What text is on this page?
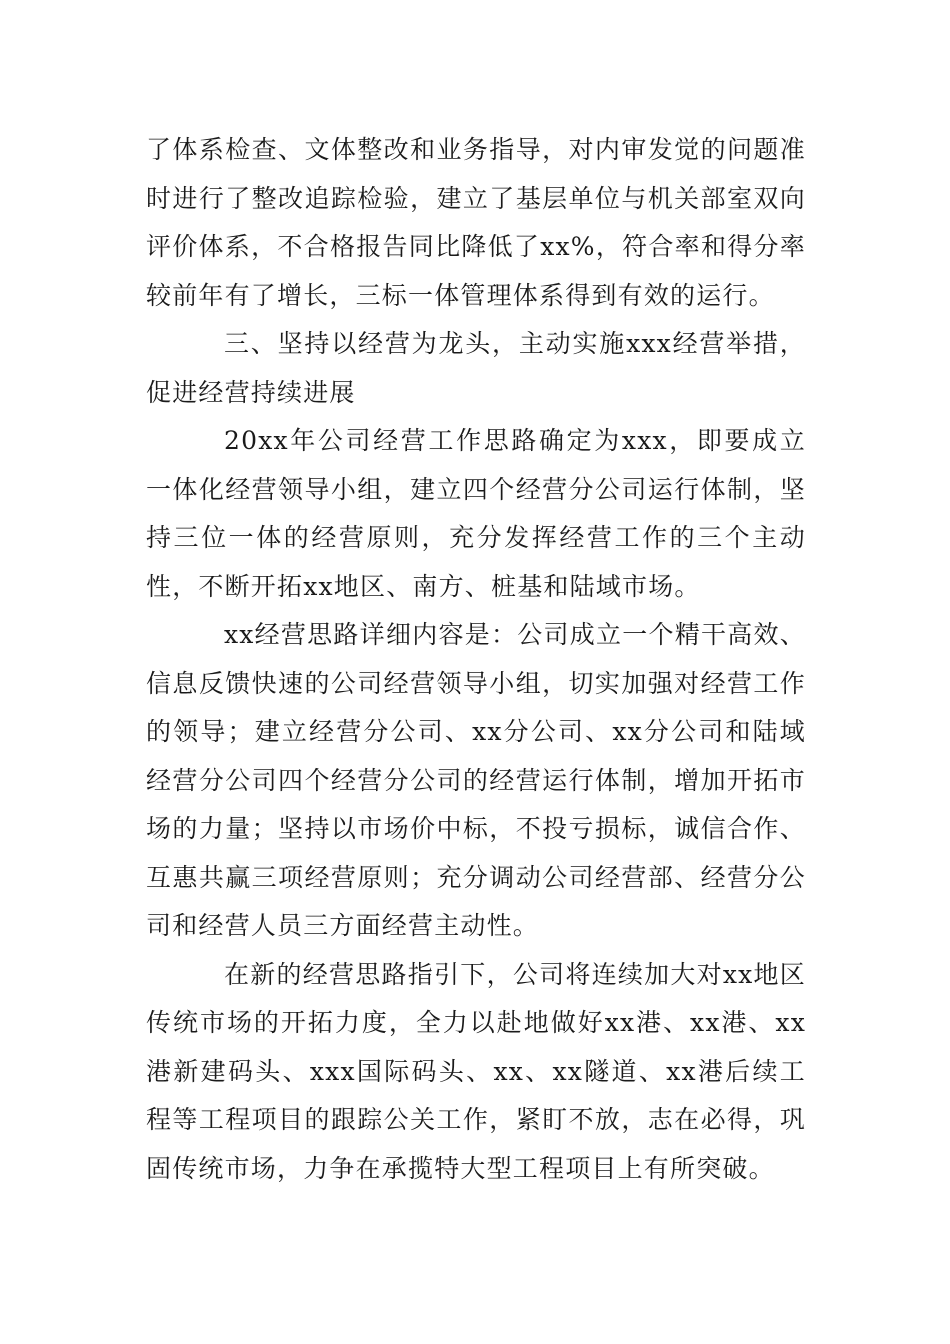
了体系检查、文体整改和业务指导，对内审发觉的问题准时进行了整改追踪检验，建立了基层单位与机关部室双向评价体系，不合格报告同比降低了xx%，符合率和得分率较前年有了增长，三标一体管理体系得到有效的运行。

三、坚持以经营为龙头，主动实施xxx经营举措，促进经营持续进展

20xx年公司经营工作思路确定为xxx，即要成立一体化经营领导小组，建立四个经营分公司运行体制，坚持三位一体的经营原则，充分发挥经营工作的三个主动性，不断开拓xx地区、南方、桩基和陆域市场。

xx经营思路详细内容是：公司成立一个精干高效、信息反馈快速的公司经营领导小组，切实加强对经营工作的领导；建立经营分公司、xx分公司、xx分公司和陆域经营分公司四个经营分公司的经营运行体制，增加开拓市场的力量；坚持以市场价中标，不投亏损标，诚信合作、互惠共赢三项经营原则；充分调动公司经营部、经营分公司和经营人员三方面经营主动性。

在新的经营思路指引下，公司将连续加大对xx地区传统市场的开拓力度，全力以赴地做好xx港、xx港、xx港新建码头、xxx国际码头、xx、xx隧道、xx港后续工程等工程项目的跟踪公关工作，紧盯不放，志在必得，巩固传统市场，力争在承揽特大型工程项目上有所突破。
